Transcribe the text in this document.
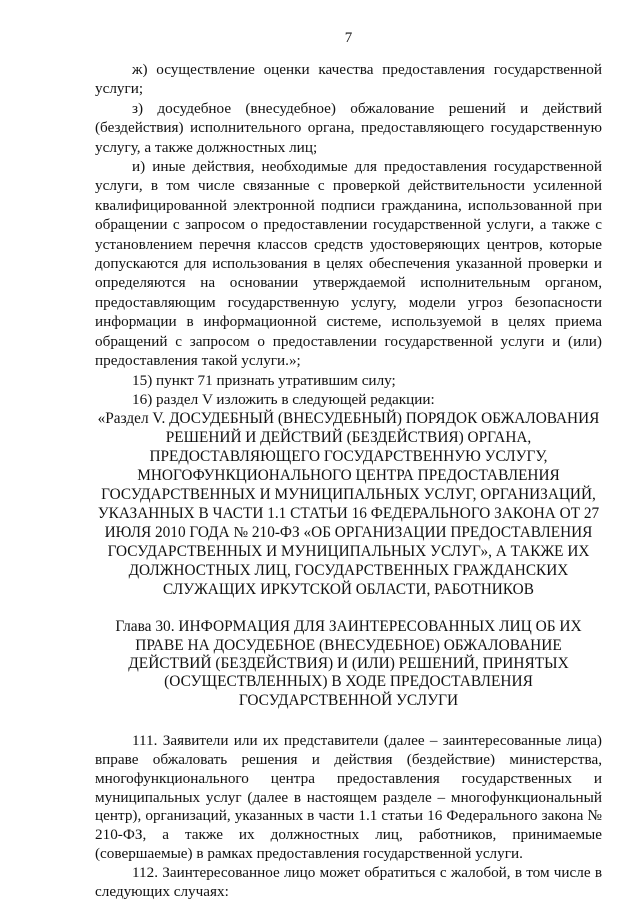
7

ж) осуществление оценки качества предоставления государственной услуги;

з) досудебное (внесудебное) обжалование решений и действий (бездействия) исполнительного органа, предоставляющего государственную услугу, а также должностных лиц;

и) иные действия, необходимые для предоставления государственной услуги, в том числе связанные с проверкой действительности усиленной квалифицированной электронной подписи гражданина, использованной при обращении с запросом о предоставлении государственной услуги, а также с установлением перечня классов средств удостоверяющих центров, которые допускаются для использования в целях обеспечения указанной проверки и определяются на основании утверждаемой исполнительным органом, предоставляющим государственную услугу, модели угроз безопасности информации в информационной системе, используемой в целях приема обращений с запросом о предоставлении государственной услуги и (или) предоставления такой услуги.»;

15) пункт 71 признать утратившим силу;

16) раздел V изложить в следующей редакции:

«Раздел V. ДОСУДЕБНЫЙ (ВНЕСУДЕБНЫЙ) ПОРЯДОК ОБЖАЛОВАНИЯ РЕШЕНИЙ И ДЕЙСТВИЙ (БЕЗДЕЙСТВИЯ) ОРГАНА, ПРЕДОСТАВЛЯЮЩЕГО ГОСУДАРСТВЕННУЮ УСЛУГУ, МНОГОФУНКЦИОНАЛЬНОГО ЦЕНТРА ПРЕДОСТАВЛЕНИЯ ГОСУДАРСТВЕННЫХ И МУНИЦИПАЛЬНЫХ УСЛУГ, ОРГАНИЗАЦИЙ, УКАЗАННЫХ В ЧАСТИ 1.1 СТАТЬИ 16 ФЕДЕРАЛЬНОГО ЗАКОНА ОТ 27 ИЮЛЯ 2010 ГОДА № 210-ФЗ «ОБ ОРГАНИЗАЦИИ ПРЕДОСТАВЛЕНИЯ ГОСУДАРСТВЕННЫХ И МУНИЦИПАЛЬНЫХ УСЛУГ», А ТАКЖЕ ИХ ДОЛЖНОСТНЫХ ЛИЦ, ГОСУДАРСТВЕННЫХ ГРАЖДАНСКИХ СЛУЖАЩИХ ИРКУТСКОЙ ОБЛАСТИ, РАБОТНИКОВ
Глава 30. ИНФОРМАЦИЯ ДЛЯ ЗАИНТЕРЕСОВАННЫХ ЛИЦ ОБ ИХ ПРАВЕ НА ДОСУДЕБНОЕ (ВНЕСУДЕБНОЕ) ОБЖАЛОВАНИЕ ДЕЙСТВИЙ (БЕЗДЕЙСТВИЯ) И (ИЛИ) РЕШЕНИЙ, ПРИНЯТЫХ (ОСУЩЕСТВЛЕННЫХ) В ХОДЕ ПРЕДОСТАВЛЕНИЯ ГОСУДАРСТВЕННОЙ УСЛУГИ

111. Заявители или их представители (далее – заинтересованные лица) вправе обжаловать решения и действия (бездействие) министерства, многофункционального центра предоставления государственных и муниципальных услуг (далее в настоящем разделе – многофункциональный центр), организаций, указанных в части 1.1 статьи 16 Федерального закона № 210-ФЗ, а также их должностных лиц, работников, принимаемые (совершаемые) в рамках предоставления государственной услуги.

112. Заинтересованное лицо может обратиться с жалобой, в том числе в следующих случаях:
